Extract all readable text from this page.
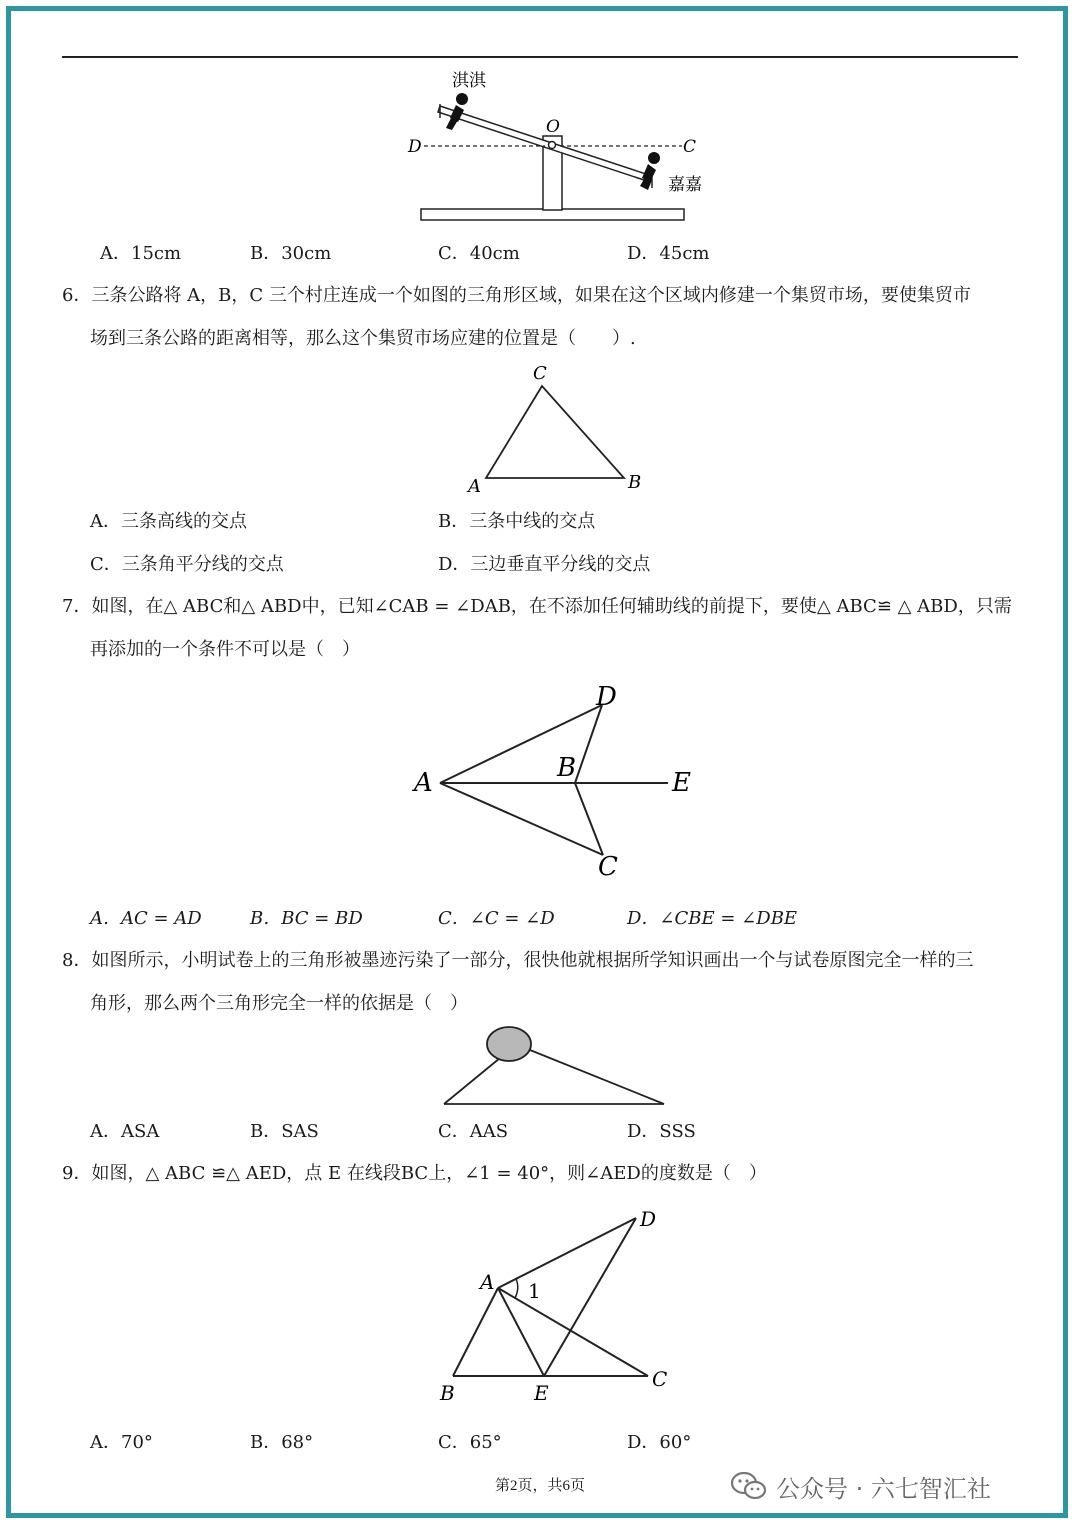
淇淇
嘉嘉
D
O
C
A．15cm	B．30cm	C．40cm	D．45cm
6．三条公路将 A，B，C 三个村庄连成一个如图的三角形区域，如果在这个区域内修建一个集贸市场，要使集贸市
场到三条公路的距离相等，那么这个集贸市场应建的位置是（　　）.
C
A	B
A．三条高线的交点	B．三条中线的交点
C．三条角平分线的交点	D．三边垂直平分线的交点
7．如图，在△ ABC和△ ABD中，已知∠CAB = ∠DAB，在不添加任何辅助线的前提下，要使△ ABC≌ △ ABD，只需
再添加的一个条件不可以是（　）
D
A	B	E
C
A．AC = AD	B．BC = BD	C．∠C = ∠D	D．∠CBE = ∠DBE
8．如图所示，小明试卷上的三角形被墨迹污染了一部分，很快他就根据所学知识画出一个与试卷原图完全一样的三
角形，那么两个三角形完全一样的依据是（　）
A．ASA	B．SAS	C．AAS	D．SSS
9．如图，△ ABC ≌△ AED，点 E 在线段BC上，∠1 = 40°，则∠AED的度数是（　）
A
D
B	E
C
1
A．70°	B．68°	C．65°	D．60°
第2页，共6页	公众号 · 六七智汇社
